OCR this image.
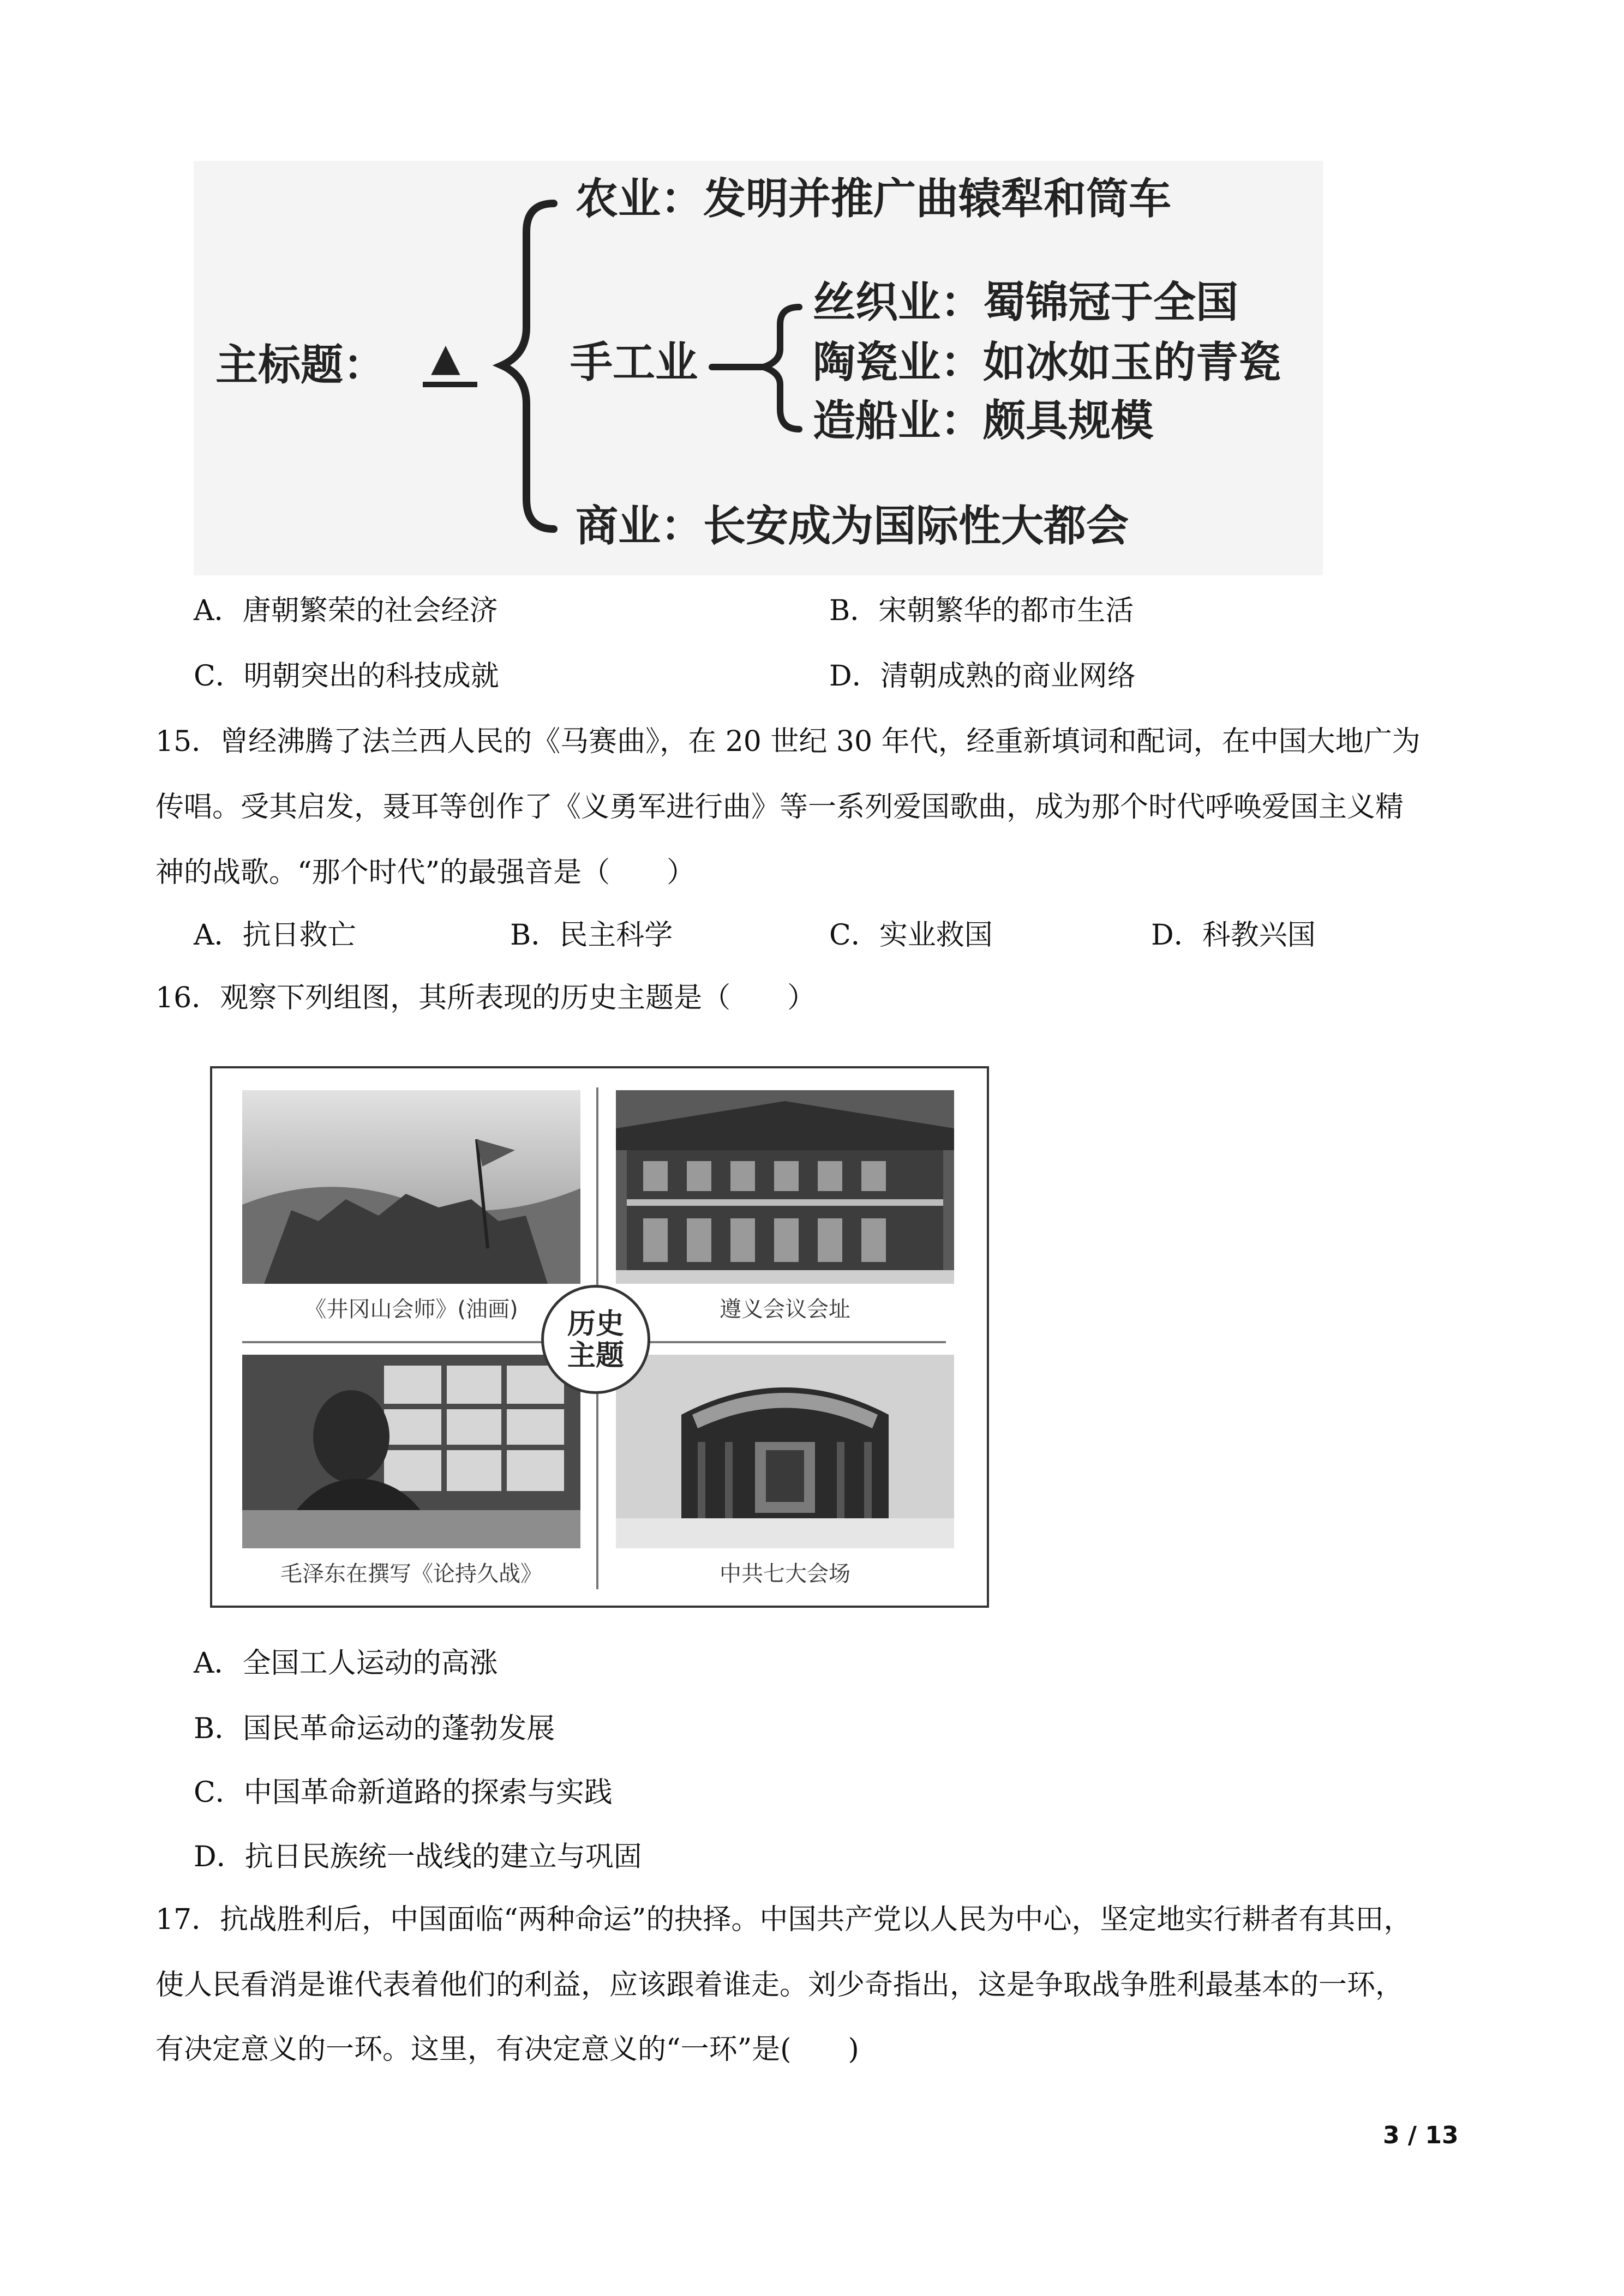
主标题： ▲
农业：发明并推广曲辕犁和筒车
手工业
丝织业：蜀锦冠于全国
陶瓷业：如冰如玉的青瓷
造船业：颇具规模
商业：长安成为国际性大都会
A．唐朝繁荣的社会经济	B．宋朝繁华的都市生活
C．明朝突出的科技成就	D．清朝成熟的商业网络
15．曾经沸腾了法兰西人民的《马赛曲》，在 20 世纪 30 年代，经重新填词和配词，在中国大地广为
传唱。受其启发，聂耳等创作了《义勇军进行曲》等一系列爱国歌曲，成为那个时代呼唤爱国主义精
神的战歌。“那个时代”的最强音是（　　）
A．抗日救亡	B．民主科学	C．实业救国	D．科教兴国
16．观察下列组图，其所表现的历史主题是（　　）
《井冈山会师》(油画)	遵义会议会址
毛泽东在撰写《论持久战》	中共七大会场
历史
主题
A．全国工人运动的高涨
B．国民革命运动的蓬勃发展
C．中国革命新道路的探索与实践
D．抗日民族统一战线的建立与巩固
17．抗战胜利后，中国面临“两种命运”的抉择。中国共产党以人民为中心，坚定地实行耕者有其田，
使人民看消是谁代表着他们的利益，应该跟着谁走。刘少奇指出，这是争取战争胜利最基本的一环，
有决定意义的一环。这里，有决定意义的“一环”是(　　)
3 / 13
